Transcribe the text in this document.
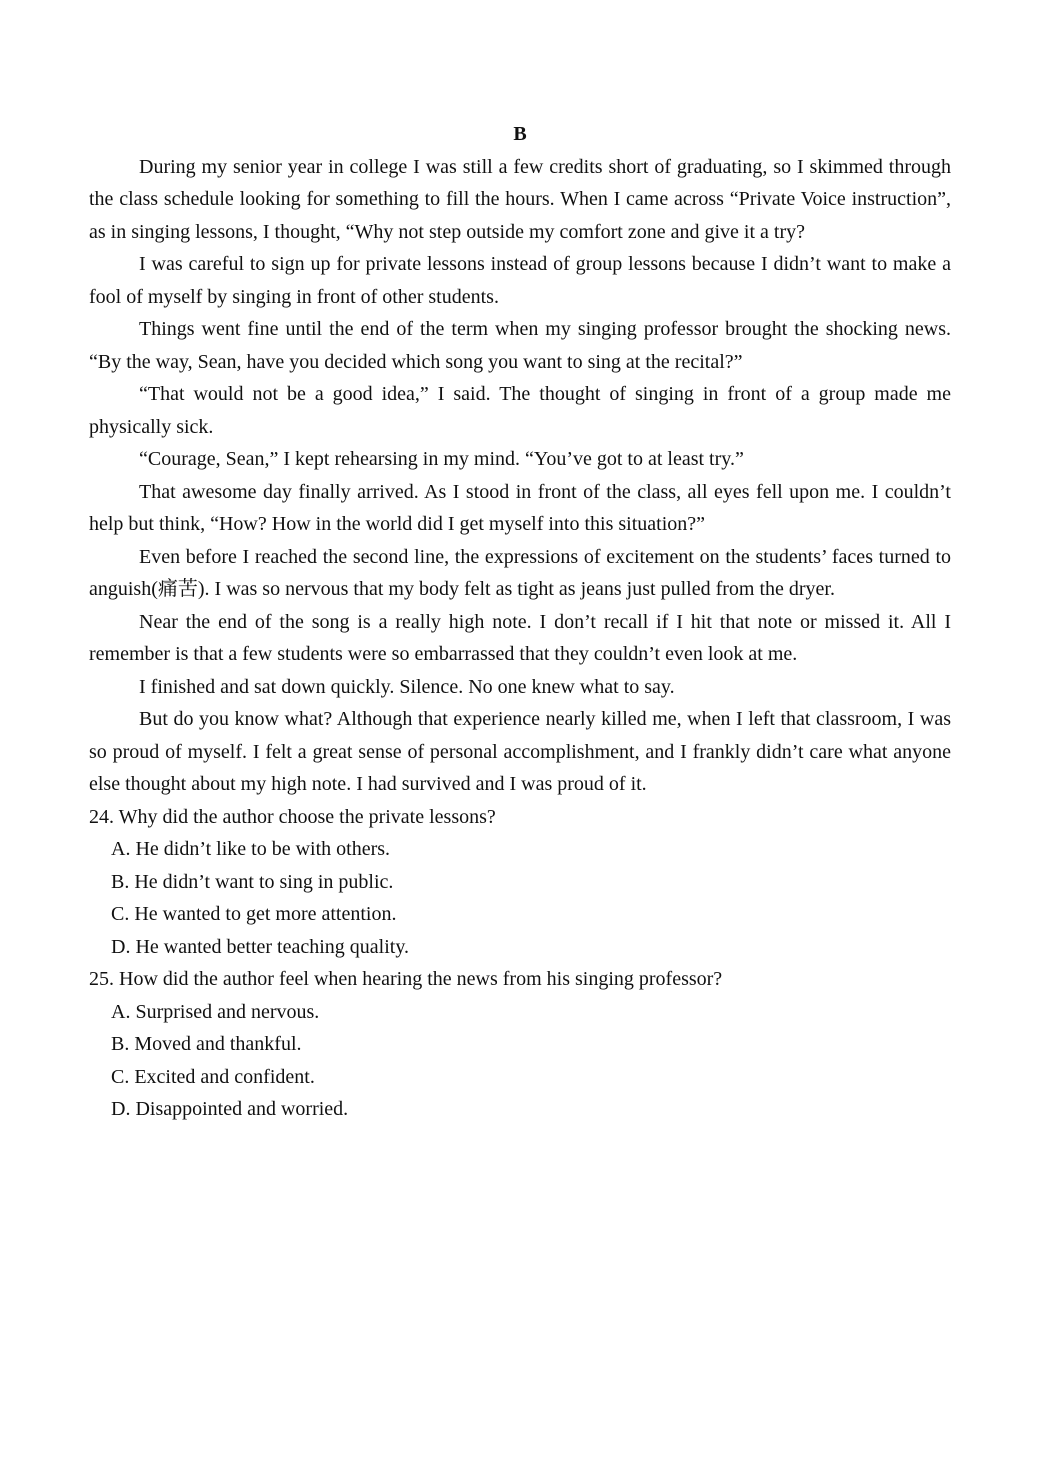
B

During my senior year in college I was still a few credits short of graduating, so I skimmed through the class schedule looking for something to fill the hours. When I came across “Private Voice instruction”, as in singing lessons, I thought, “Why not step outside my comfort zone and give it a try?

I was careful to sign up for private lessons instead of group lessons because I didn’t want to make a fool of myself by singing in front of other students.

Things went fine until the end of the term when my singing professor brought the shocking news. “By the way, Sean, have you decided which song you want to sing at the recital?”

“That would not be a good idea,” I said. The thought of singing in front of a group made me physically sick.

“Courage, Sean,” I kept rehearsing in my mind. “You’ve got to at least try.”

That awesome day finally arrived. As I stood in front of the class, all eyes fell upon me. I couldn’t help but think, “How? How in the world did I get myself into this situation?”

Even before I reached the second line, the expressions of excitement on the students’ faces turned to anguish(痛苦). I was so nervous that my body felt as tight as jeans just pulled from the dryer.

Near the end of the song is a really high note. I don’t recall if I hit that note or missed it. All I remember is that a few students were so embarrassed that they couldn’t even look at me.

I finished and sat down quickly. Silence. No one knew what to say.

But do you know what? Although that experience nearly killed me, when I left that classroom, I was so proud of myself. I felt a great sense of personal accomplishment, and I frankly didn’t care what anyone else thought about my high note. I had survived and I was proud of it.

24. Why did the author choose the private lessons?

A. He didn’t like to be with others.

B. He didn’t want to sing in public.

C. He wanted to get more attention.

D. He wanted better teaching quality.

25. How did the author feel when hearing the news from his singing professor?

A. Surprised and nervous.

B. Moved and thankful.

C. Excited and confident.

D. Disappointed and worried.
